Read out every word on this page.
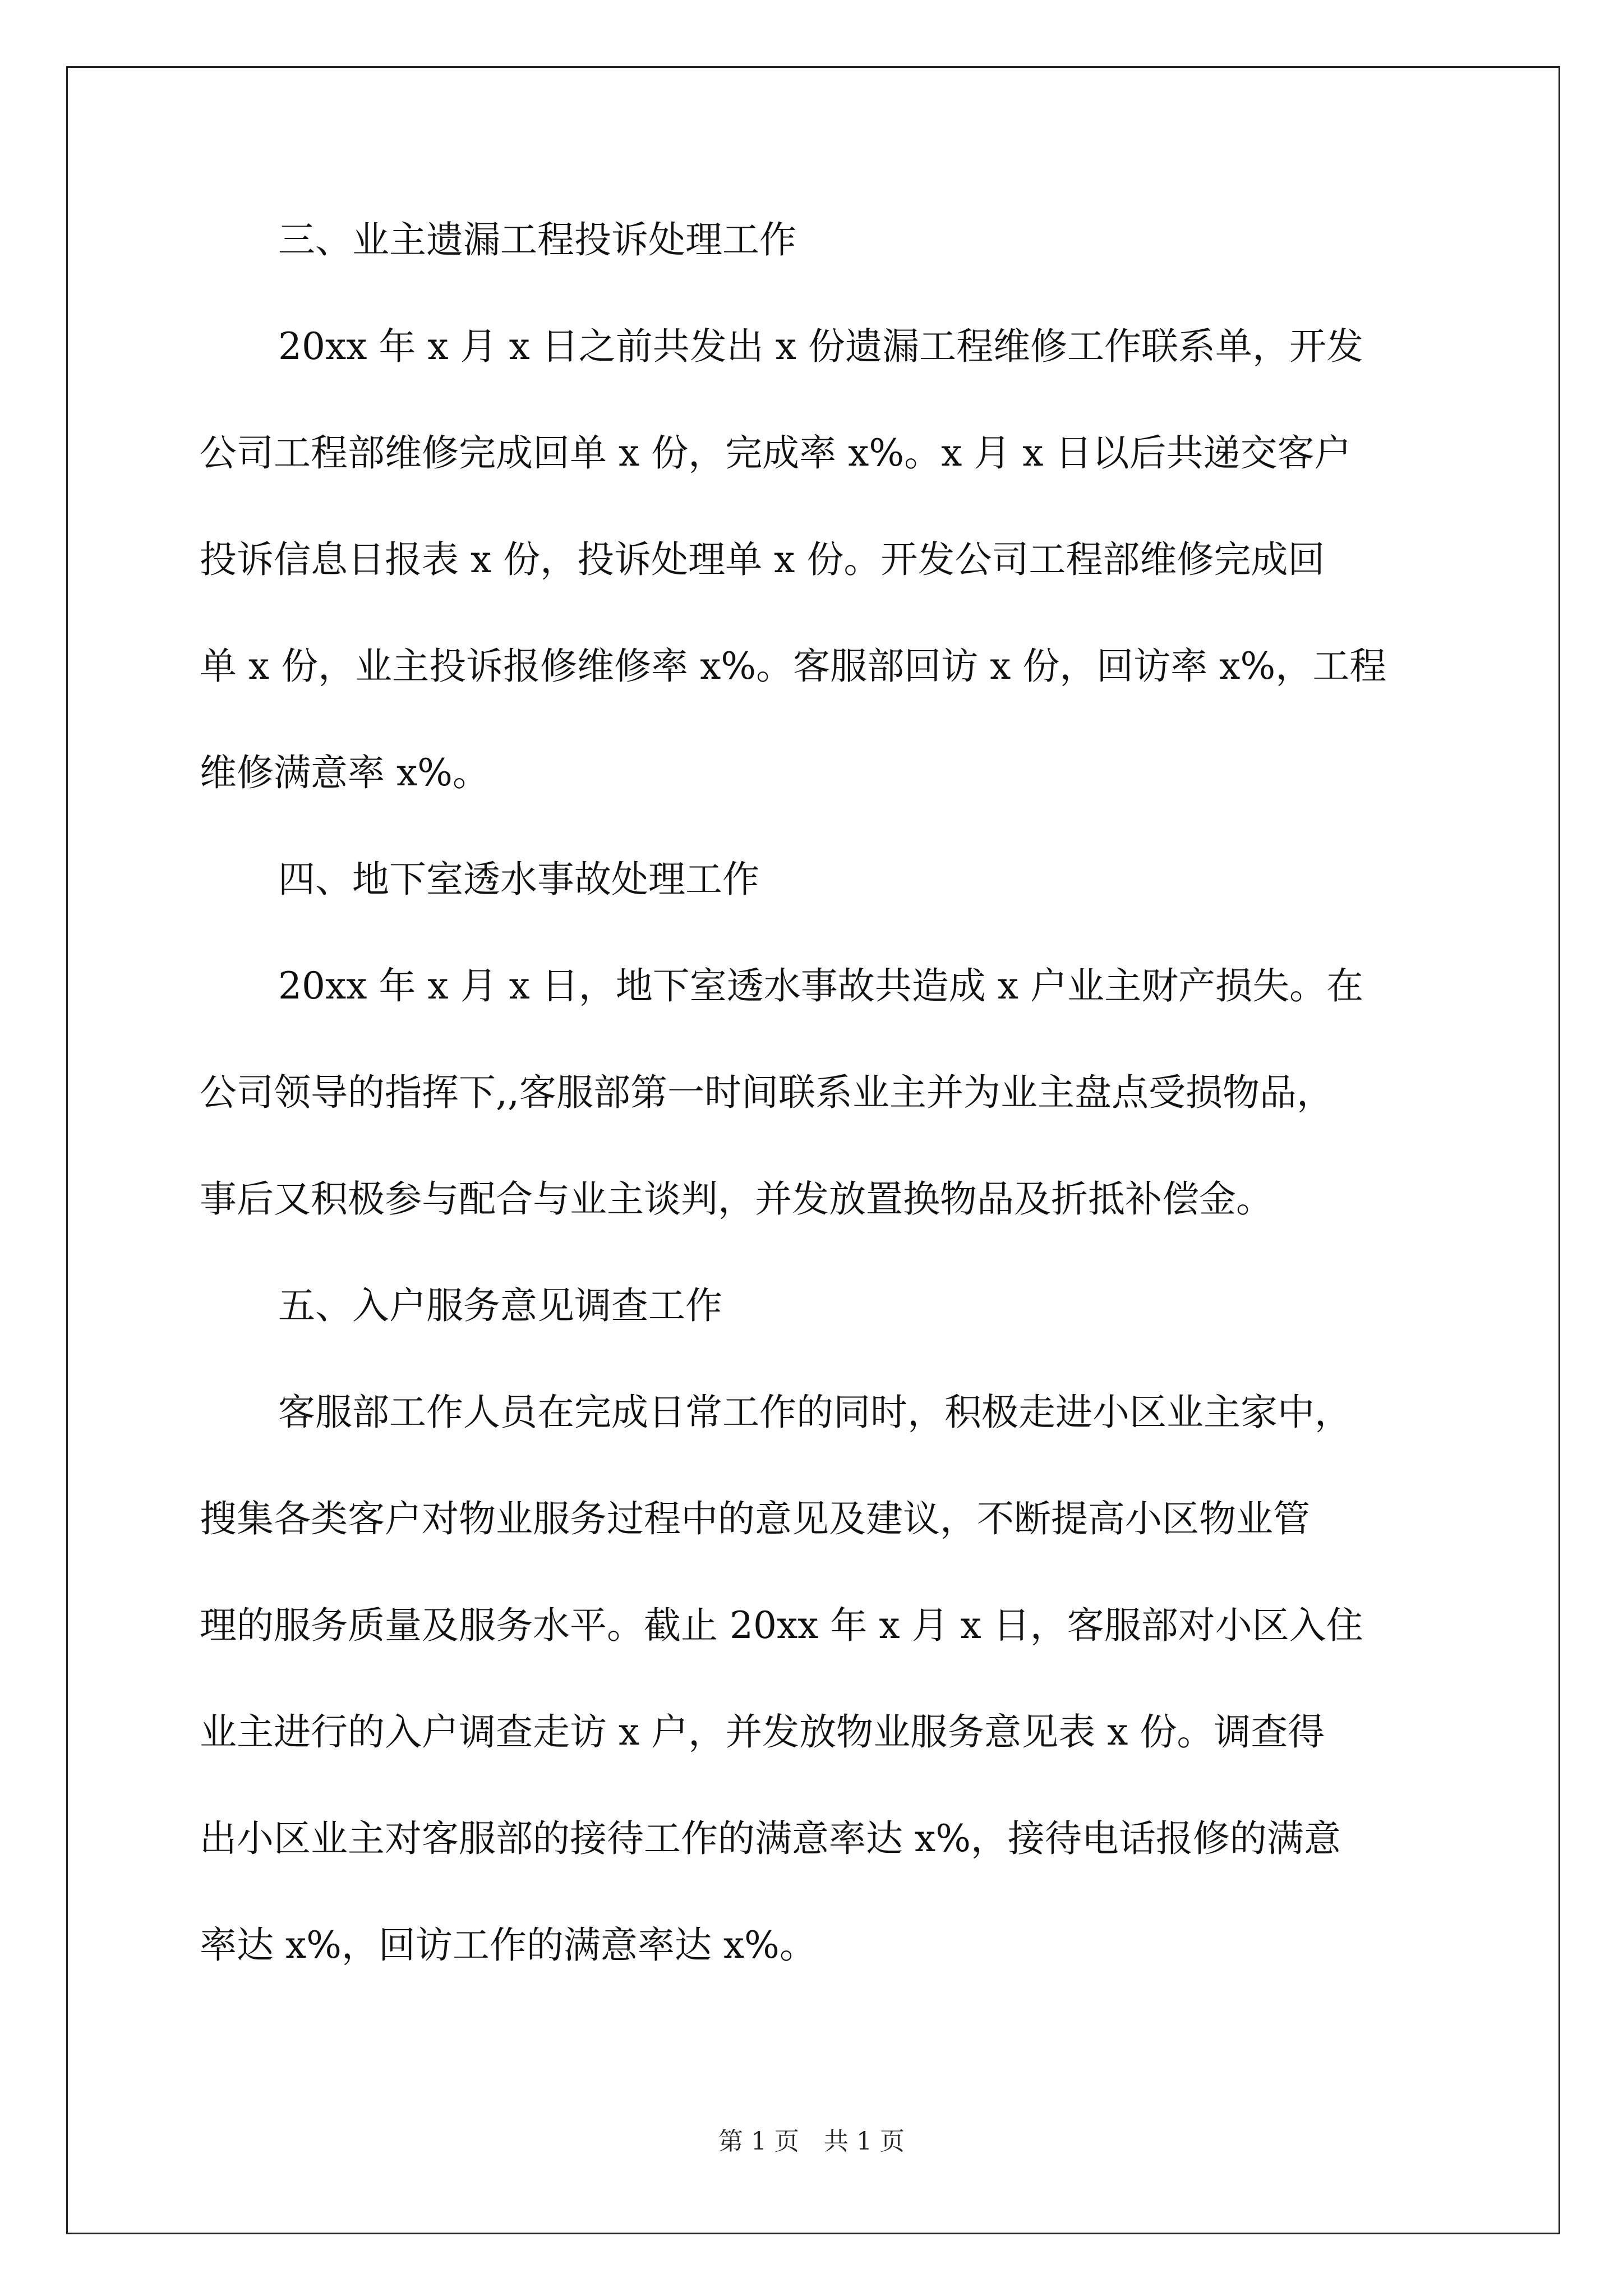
三、业主遗漏工程投诉处理工作
20xx 年 x 月 x 日之前共发出 x 份遗漏工程维修工作联系单，开发
公司工程部维修完成回单 x 份，完成率 x%。x 月 x 日以后共递交客户
投诉信息日报表 x 份，投诉处理单 x 份。开发公司工程部维修完成回
单 x 份，业主投诉报修维修率 x%。客服部回访 x 份，回访率 x%，工程
维修满意率 x%。
四、地下室透水事故处理工作
20xx 年 x 月 x 日，地下室透水事故共造成 x 户业主财产损失。在
公司领导的指挥下,,客服部第一时间联系业主并为业主盘点受损物品，
事后又积极参与配合与业主谈判，并发放置换物品及折抵补偿金。
五、入户服务意见调查工作
客服部工作人员在完成日常工作的同时，积极走进小区业主家中，
搜集各类客户对物业服务过程中的意见及建议，不断提高小区物业管
理的服务质量及服务水平。截止 20xx 年 x 月 x 日，客服部对小区入住
业主进行的入户调查走访 x 户，并发放物业服务意见表 x 份。调查得
出小区业主对客服部的接待工作的满意率达 x%，接待电话报修的满意
率达 x%，回访工作的满意率达 x%。
第 1 页　共 1 页
